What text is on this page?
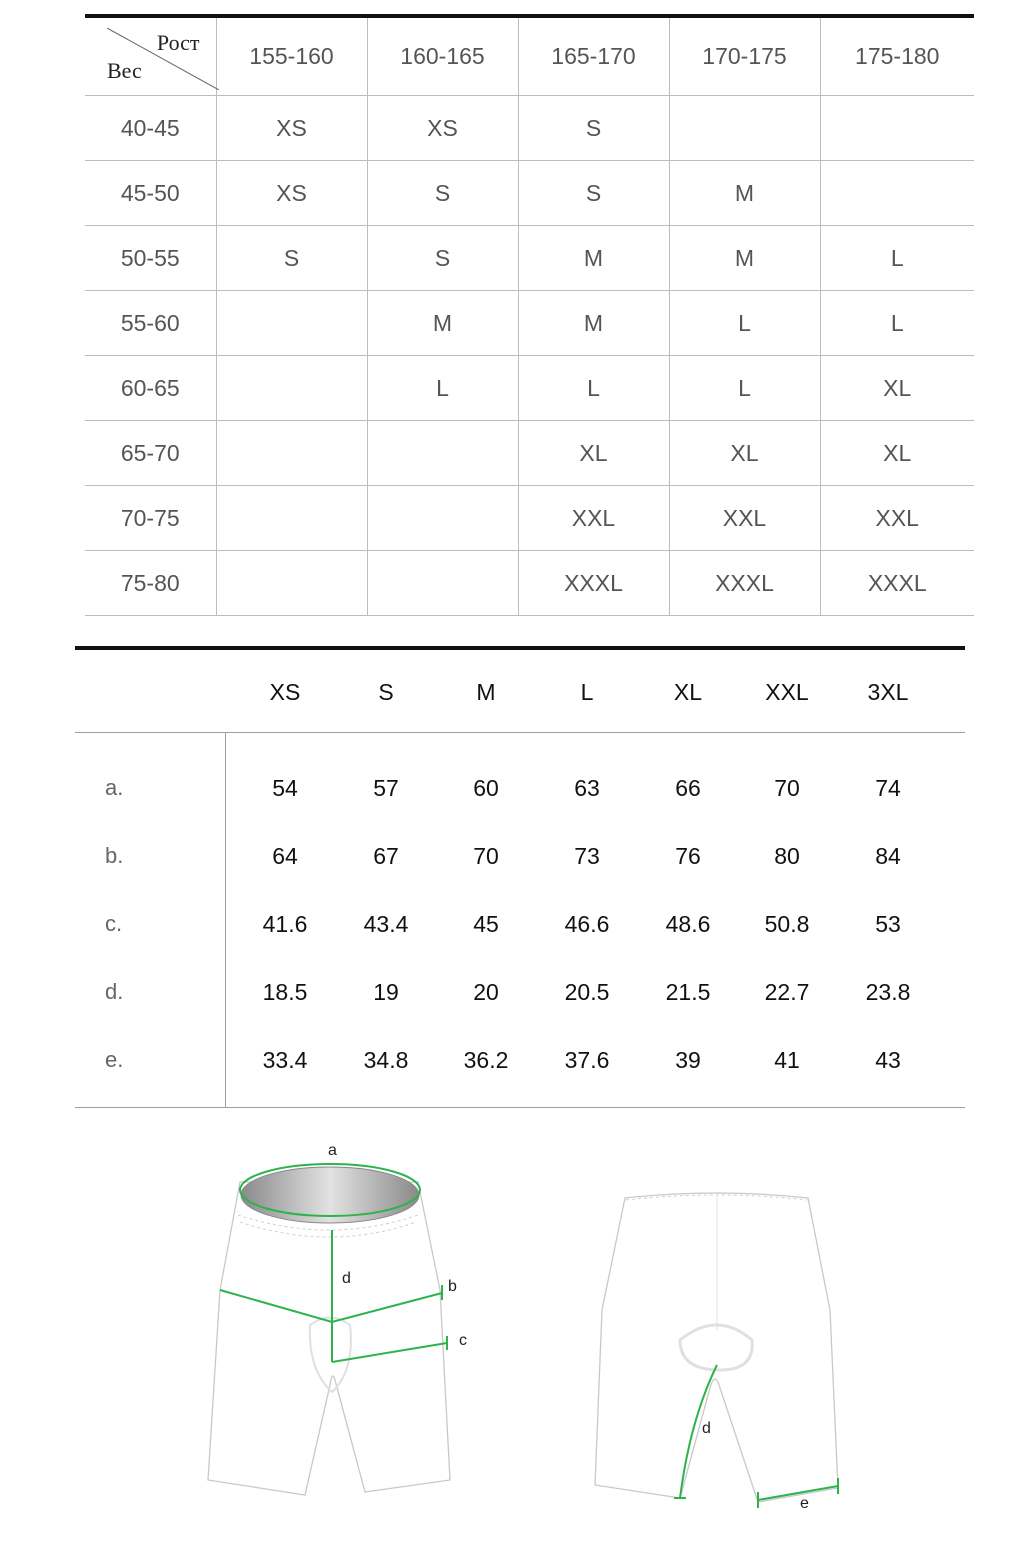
Рост
Вес	155-160	160-165	165-170	170-175	175-180
40-45	XS	XS	S		
45-50	XS	S	S	M	
50-55	S	S	M	M	L
55-60		M	M	L	L
60-65		L	L	L	XL
65-70			XL	XL	XL
70-75			XXL	XXL	XXL
75-80			XXXL	XXXL	XXXL
XS	S	M	L	XL	XXL	3XL
a.	54	57	60	63	66	70	74
b.	64	67	70	73	76	80	84
c.	41.6	43.4	45	46.6	48.6	50.8	53
d.	18.5	19	20	20.5	21.5	22.7	23.8
e.	33.4	34.8	36.2	37.6	39	41	43
a
d	b
c
d
e
